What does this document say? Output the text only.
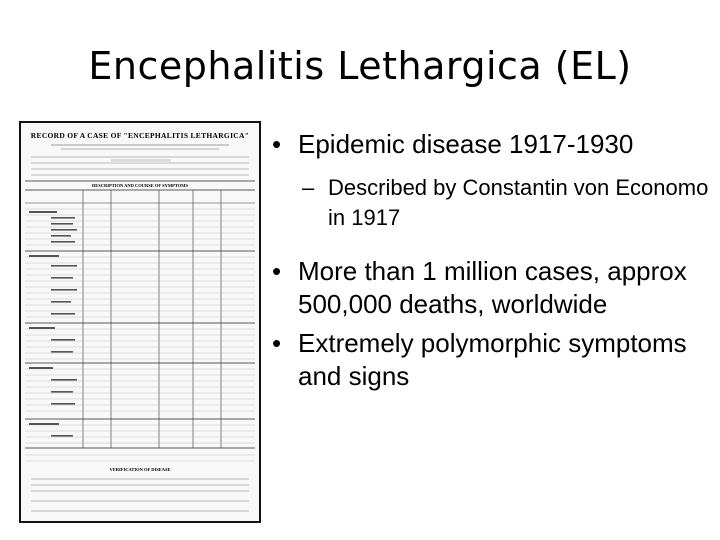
Encephalitis Lethargica (EL)
RECORD OF A CASE OF "ENCEPHALITIS LETHARGICA"
DESCRIPTION AND COURSE OF SYMPTOMS
VERIFICATION OF DISEASE
• Epidemic disease 1917-1930
– Described by Constantin von Economo in 1917
• More than 1 million cases, approx 500,000 deaths, worldwide
• Extremely polymorphic symptoms and signs
